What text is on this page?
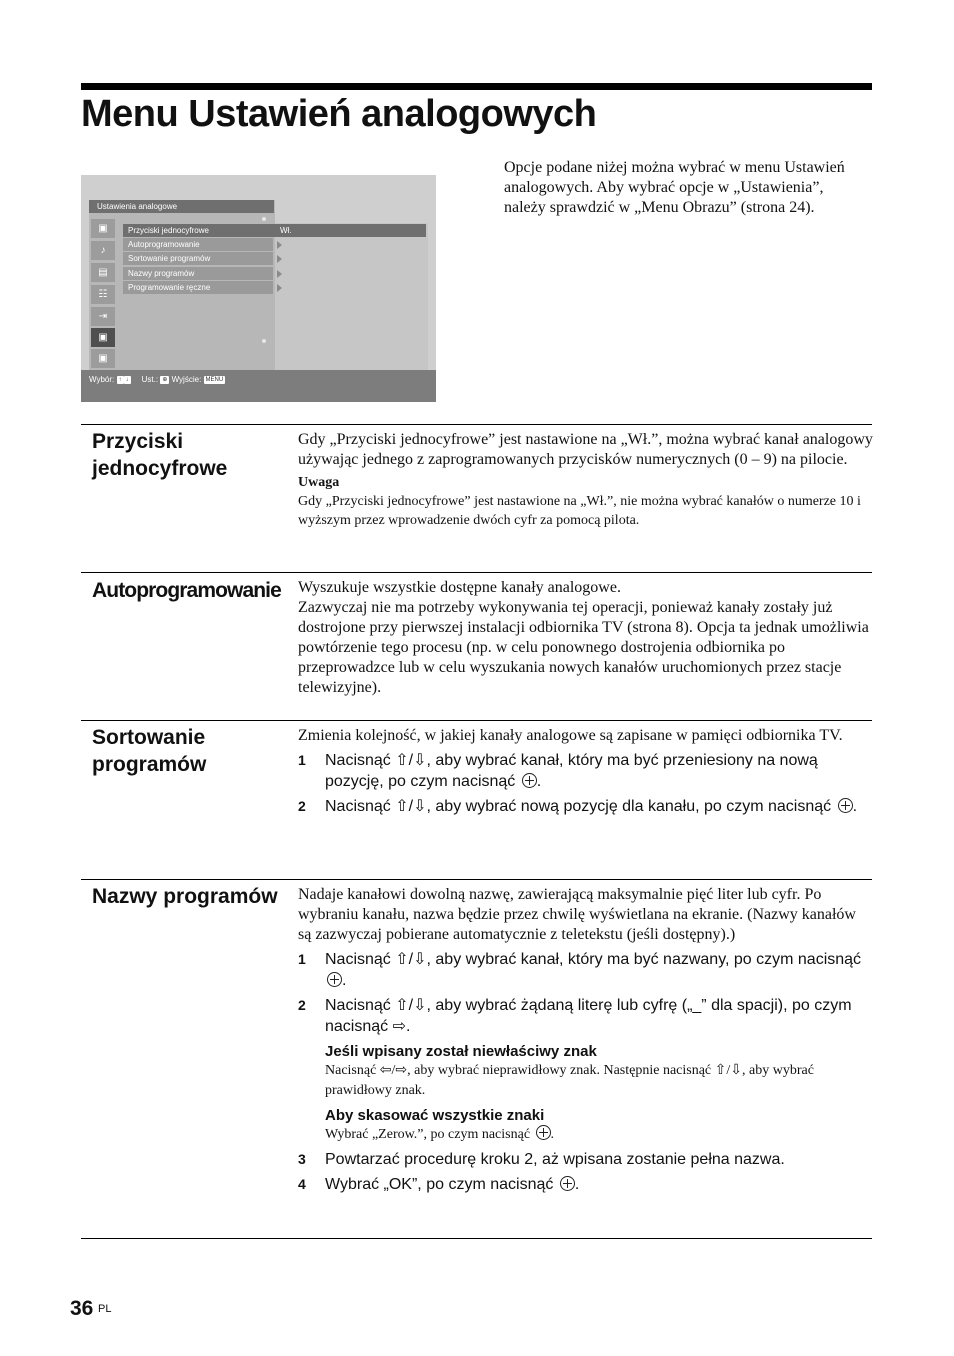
Menu Ustawień analogowych
Opcje podane niżej można wybrać w menu Ustawień analogowych. Aby wybrać opcje w „Ustawienia”, należy sprawdzić w „Menu Obrazu” (strona 24).
Ustawienia analogowe
▣
♪
▤
☷
⇥
▣
▣
Przyciski jednocyfrowe	Wł.
Autoprogramowanie
Sortowanie programów
Nazwy programów
Programowanie ręczne
Wybór: ↑ ↓ Ust.: ⊕ Wyjście: MENU
Przyciski jednocyfrowe

Gdy „Przyciski jednocyfrowe” jest nastawione na „Wł.”, można wybrać kanał analogowy używając jednego z zaprogramowanych przycisków numerycznych (0 – 9) na pilocie.

Uwaga

Gdy „Przyciski jednocyfrowe” jest nastawione na „Wł.”, nie można wybrać kanałów o numerze 10 i wyższym przez wprowadzenie dwóch cyfr za pomocą pilota.

Autoprogramowanie	Wyszukuje wszystkie dostępne kanały analogowe.

Zazwyczaj nie ma potrzeby wykonywania tej operacji, ponieważ kanały zostały już dostrojone przy pierwszej instalacji odbiornika TV (strona 8). Opcja ta jednak umożliwia powtórzenie tego procesu (np. w celu ponownego dostrojenia odbiornika po przeprowadzce lub w celu wyszukania nowych kanałów uruchomionych przez stacje telewizyjne).

Sortowanie programów

Zmienia kolejność, w jakiej kanały analogowe są zapisane w pamięci odbiornika TV.

1 Nacisnąć ⇧/⇩, aby wybrać kanał, który ma być przeniesiony na nową pozycję, po czym nacisnąć .

2 Nacisnąć ⇧/⇩, aby wybrać nową pozycję dla kanału, po czym nacisnąć .

Nazwy programów	Nadaje kanałowi dowolną nazwę, zawierającą maksymalnie pięć liter lub cyfr. Po wybraniu kanału, nazwa będzie przez chwilę wyświetlana na ekranie. (Nazwy kanałów są zazwyczaj pobierane automatycznie z teletekstu (jeśli dostępny).)

1 Nacisnąć ⇧/⇩, aby wybrać kanał, który ma być nazwany, po czym nacisnąć .

2 Nacisnąć ⇧/⇩, aby wybrać żądaną literę lub cyfrę („_” dla spacji), po czym nacisnąć ⇨.

Jeśli wpisany został niewłaściwy znak

Nacisnąć ⇦/⇨, aby wybrać nieprawidłowy znak. Następnie nacisnąć ⇧/⇩, aby wybrać prawidłowy znak.

Aby skasować wszystkie znaki

Wybrać „Zerow.”, po czym nacisnąć .

3 Powtarzać procedurę kroku 2, aż wpisana zostanie pełna nazwa.

4 Wybrać „OK”, po czym nacisnąć .

36 PL
